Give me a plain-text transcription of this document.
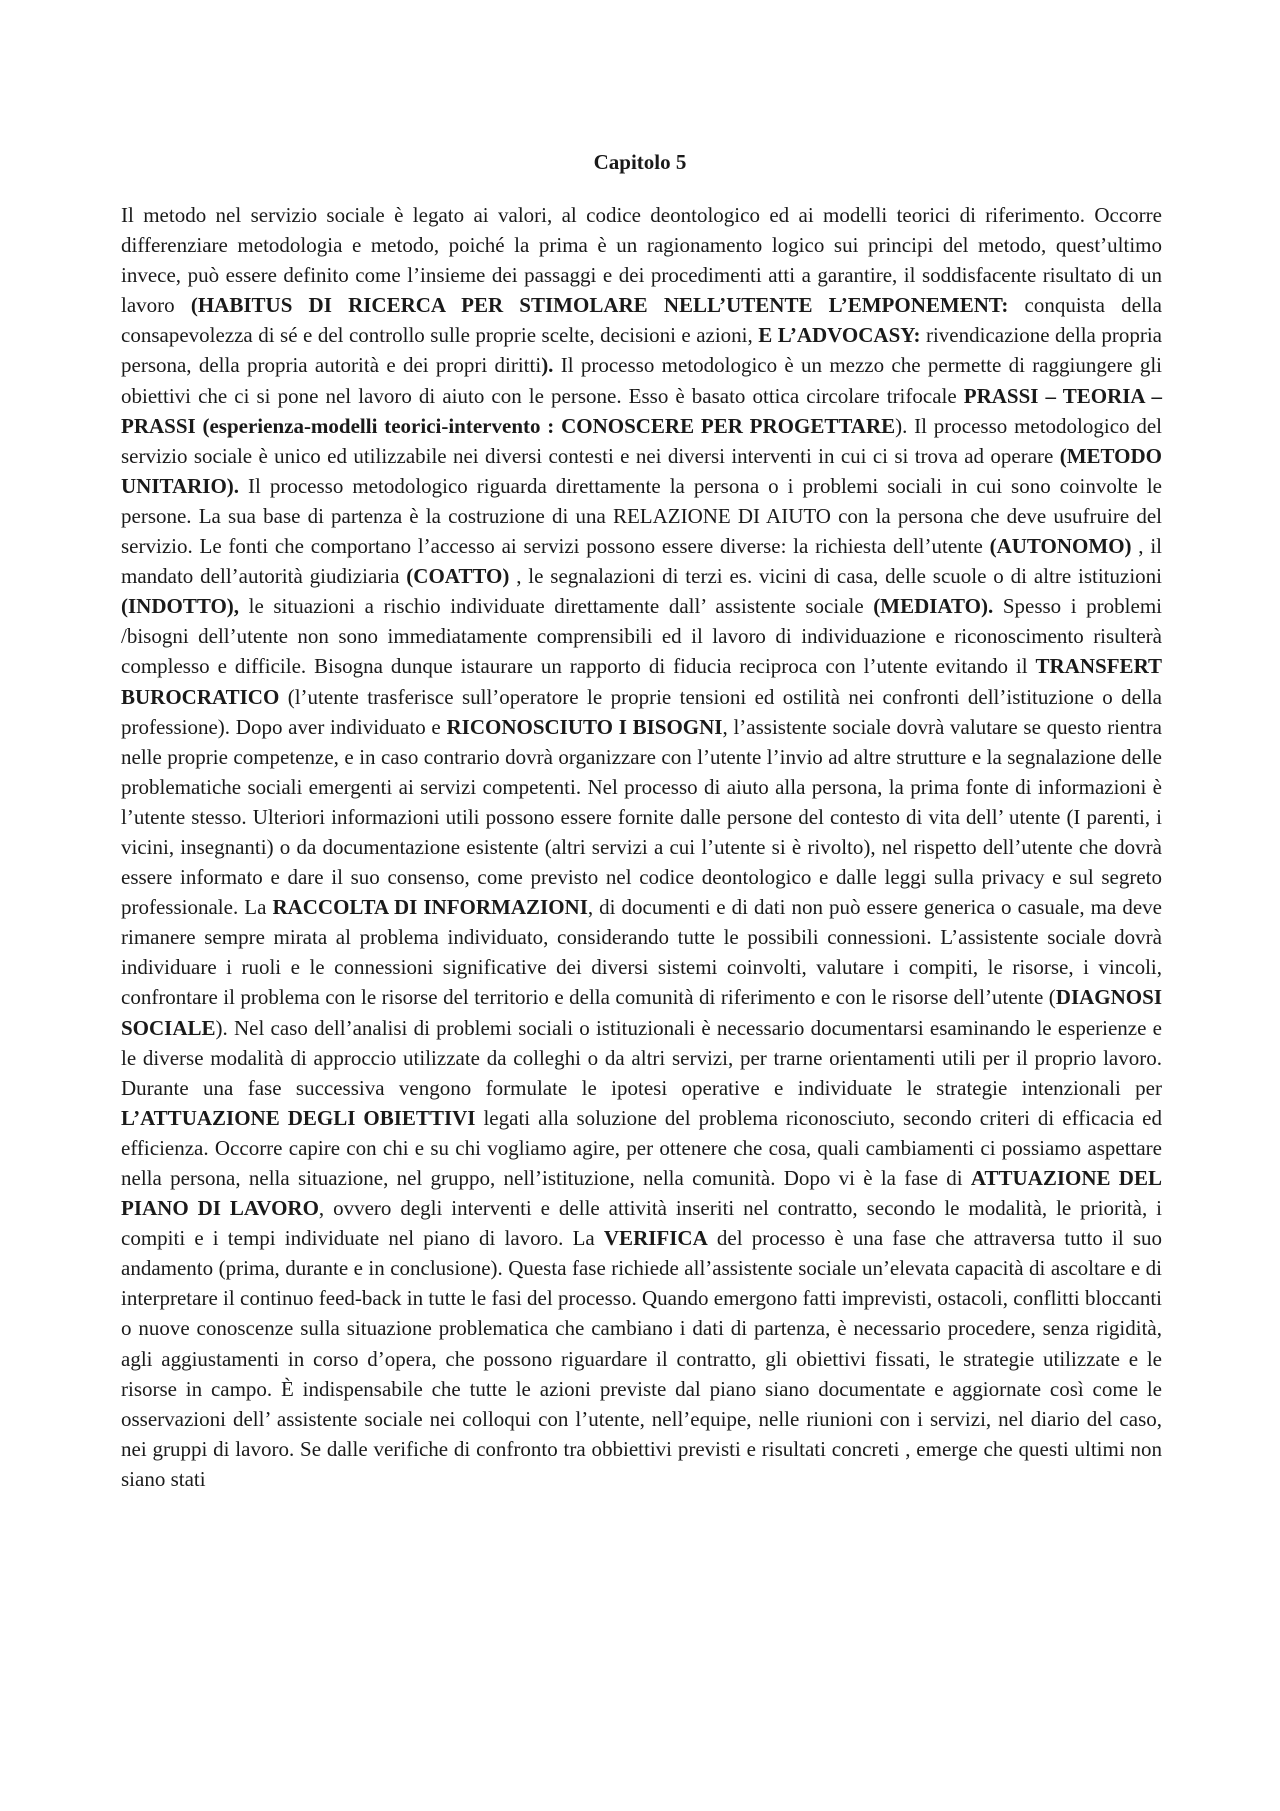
Capitolo 5

Il metodo nel servizio sociale è legato ai valori, al codice deontologico ed ai modelli teorici di riferimento. Occorre differenziare metodologia e metodo, poiché la prima è un ragionamento logico sui principi del metodo, quest’ultimo invece, può essere definito come l’insieme dei passaggi e dei procedimenti atti a garantire, il soddisfacente risultato di un lavoro (HABITUS DI RICERCA PER STIMOLARE NELL’UTENTE L’EMPONEMENT: conquista della consapevolezza di sé e del controllo sulle proprie scelte, decisioni e azioni, E L’ADVOCASY: rivendicazione della propria persona, della propria autorità e dei propri diritti). Il processo metodologico è un mezzo che permette di raggiungere gli obiettivi che ci si pone nel lavoro di aiuto con le persone. Esso è basato ottica circolare trifocale PRASSI – TEORIA – PRASSI (esperienza-modelli teorici-intervento : CONOSCERE PER PROGETTARE). Il processo metodologico del servizio sociale è unico ed utilizzabile nei diversi contesti e nei diversi interventi in cui ci si trova ad operare (METODO UNITARIO). Il processo metodologico riguarda direttamente la persona o i problemi sociali in cui sono coinvolte le persone. La sua base di partenza è la costruzione di una RELAZIONE DI AIUTO con la persona che deve usufruire del servizio. Le fonti che comportano l’accesso ai servizi possono essere diverse: la richiesta dell’utente (AUTONOMO) , il mandato dell’autorità giudiziaria (COATTO) , le segnalazioni di terzi es. vicini di casa, delle scuole o di altre istituzioni (INDOTTO), le situazioni a rischio individuate direttamente dall’ assistente sociale (MEDIATO). Spesso i problemi /bisogni dell’utente non sono immediatamente comprensibili ed il lavoro di individuazione e riconoscimento risulterà complesso e difficile. Bisogna dunque istaurare un rapporto di fiducia reciproca con l’utente evitando il TRANSFERT BUROCRATICO (l’utente trasferisce sull’operatore le proprie tensioni ed ostilità nei confronti dell’istituzione o della professione). Dopo aver individuato e RICONOSCIUTO I BISOGNI, l’assistente sociale dovrà valutare se questo rientra nelle proprie competenze, e in caso contrario dovrà organizzare con l’utente l’invio ad altre strutture e la segnalazione delle problematiche sociali emergenti ai servizi competenti. Nel processo di aiuto alla persona, la prima fonte di informazioni è l’utente stesso. Ulteriori informazioni utili possono essere fornite dalle persone del contesto di vita dell’ utente (I parenti, i vicini, insegnanti) o da documentazione esistente (altri servizi a cui l’utente si è rivolto), nel rispetto dell’utente che dovrà essere informato e dare il suo consenso, come previsto nel codice deontologico e dalle leggi sulla privacy e sul segreto professionale. La RACCOLTA DI INFORMAZIONI, di documenti e di dati non può essere generica o casuale, ma deve rimanere sempre mirata al problema individuato, considerando tutte le possibili connessioni. L’assistente sociale dovrà individuare i ruoli e le connessioni significative dei diversi sistemi coinvolti, valutare i compiti, le risorse, i vincoli, confrontare il problema con le risorse del territorio e della comunità di riferimento e con le risorse dell’utente (DIAGNOSI SOCIALE). Nel caso dell’analisi di problemi sociali o istituzionali è necessario documentarsi esaminando le esperienze e le diverse modalità di approccio utilizzate da colleghi o da altri servizi, per trarne orientamenti utili per il proprio lavoro. Durante una fase successiva vengono formulate le ipotesi operative e individuate le strategie intenzionali per L’ATTUAZIONE DEGLI OBIETTIVI legati alla soluzione del problema riconosciuto, secondo criteri di efficacia ed efficienza. Occorre capire con chi e su chi vogliamo agire, per ottenere che cosa, quali cambiamenti ci possiamo aspettare nella persona, nella situazione, nel gruppo, nell’istituzione, nella comunità. Dopo vi è la fase di ATTUAZIONE DEL PIANO DI LAVORO, ovvero degli interventi e delle attività inseriti nel contratto, secondo le modalità, le priorità, i compiti e i tempi individuate nel piano di lavoro. La VERIFICA del processo è una fase che attraversa tutto il suo andamento (prima, durante e in conclusione). Questa fase richiede all’assistente sociale un’elevata capacità di ascoltare e di interpretare il continuo feed-back in tutte le fasi del processo. Quando emergono fatti imprevisti, ostacoli, conflitti bloccanti o nuove conoscenze sulla situazione problematica che cambiano i dati di partenza, è necessario procedere, senza rigidità, agli aggiustamenti in corso d’opera, che possono riguardare il contratto, gli obiettivi fissati, le strategie utilizzate e le risorse in campo. È indispensabile che tutte le azioni previste dal piano siano documentate e aggiornate così come le osservazioni dell’ assistente sociale nei colloqui con l’utente, nell’equipe, nelle riunioni con i servizi, nel diario del caso, nei gruppi di lavoro. Se dalle verifiche di confronto tra obbiettivi previsti e risultati concreti , emerge che questi ultimi non siano stati
